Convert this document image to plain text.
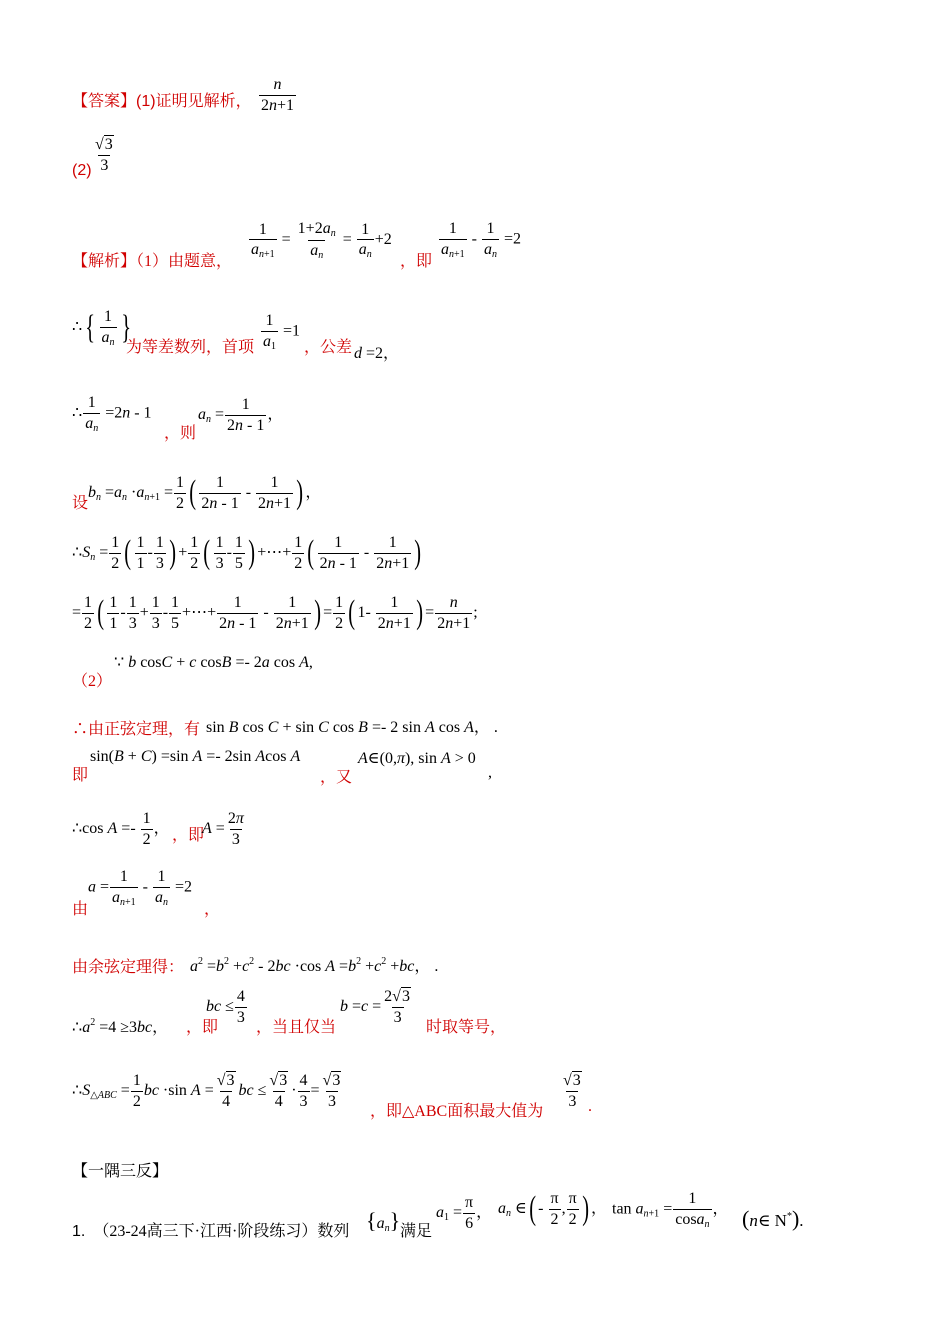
【答案】(1)证明见解析， $\frac{n}{2n+1}$
$(2) \frac{√3}{3}$
【解析】（1）由题意，
$\frac{1}{a_{n+1}} = \frac{1+2a_n}{a_n} = \frac{1}{a_n} +2$
，即
$\frac{1}{a_{n+1}} - \frac{1}{a_n} =2$
∴{ $\frac{1}{a_n}$ }
为等差数列，首项 $\frac{1}{a_1} =1$
，公差 d =2，
∴ $\frac{1}{a_n} =2n - 1$
，则
$a_n = \frac{1}{2n - 1}$ ，
设
$b_n =a_n \cdot a_{n+1} = \frac{1}{2}$ ( $\frac{1}{2n - 1} - \frac{1}{2n+1}$ ) ，
$\therefore S_n = \frac{1}{2}$ ( $\frac{1}{1} - \frac{1}{3}$ ) + $\frac{1}{2}$ ( $\frac{1}{3} - \frac{1}{5}$ ) +⋯+ $\frac{1}{2}$ ( $\frac{1}{2n - 1} - \frac{1}{2n+1}$ )
= $\frac{1}{2}$ ( $\frac{1}{1} - \frac{1}{3} + \frac{1}{3} - \frac{1}{5}$ +⋯+ $\frac{1}{2n - 1} - \frac{1}{2n+1}$ ) = $\frac{1}{2}$ ( $1- \frac{1}{2n+1}$ ) = $\frac{n}{2n+1}$ ;
∵ b cosC + c cosB =- 2a cos A,
（2）
∴由正弦定理，有 sin B cos C + sin C cos B =- 2 sin A cos A， .
即
sin(B + C) =sin A =- 2sin Acos A
，又
A∈(0,π), sin A > 0
,
∴cos $A =- \frac{1}{2}$ ， ，即
$A = \frac{2\pi}{3}$
由
$a = \frac{1}{a_{n+1}} - \frac{1}{a_n} =2$
，
由余弦定理得： $a^2 =b^2 +c^2 - 2bc \cdot\cos$ $A =b^2 +c^2 +bc$， .
$\therefore a^2 =4 \ge 3bc$， ，即
bc ≤ $\frac{4}{3}$
，当且仅当
$b =c = \frac{2√3}{3}$
时取等号，
$\therefore S_{\triangle ABC} = \frac{1}{2}$ bc ·sin $A = \frac{√3}{4}$ bc ≤ $\frac{√3}{4} \cdot \frac{4}{3} = \frac{√3}{3}$
，即△ABC面积最大值为
$\frac{√3}{3}$ .
【一隅三反】
1. （23-24高三下·江西·阶段练习）数列 $\{a_n\}$ 满足
$a_1 = \frac{\pi}{6}$ ， $a_n$ ∈( - $\frac{\pi}{2}$ , $\frac{\pi}{2}$ ) ， $\tan a_{n+1} = \frac{1}{\cos a_n}$ ， (n∈ N*).
